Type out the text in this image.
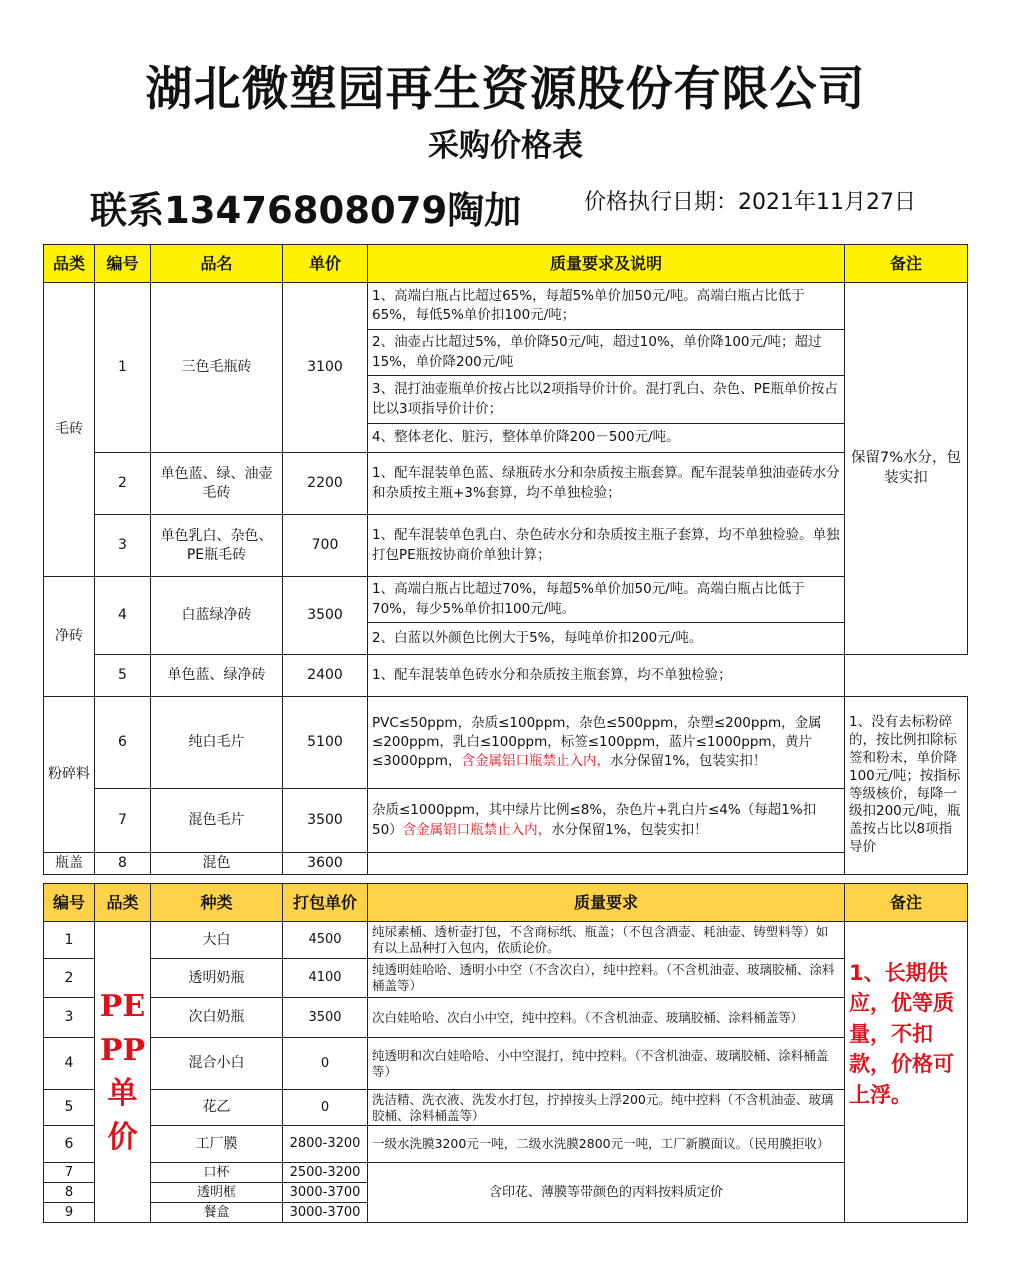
湖北微塑园再生资源股份有限公司
采购价格表
联系13476808079陶加	价格执行日期：2021年11月27日
品类	编号	品名	单价	质量要求及说明	备注
毛砖	1	三色毛瓶砖	3100	1、高端白瓶占比超过65%，每超5%单价加50元/吨。高端白瓶占比低于65%，每低5%单价扣100元/吨；	保留7%水分，包装实扣
				2、油壶占比超过5%，单价降50元/吨，超过10%，单价降100元/吨；超过15%，单价降200元/吨	
				3、混打油壶瓶单价按占比以2项指导价计价。混打乳白、杂色、PE瓶单价按占比以3项指导价计价；	
				4、整体老化、脏污，整体单价降200－500元/吨。	
	2	单色蓝、绿、油壶毛砖	2200	1、配车混装单色蓝、绿瓶砖水分和杂质按主瓶套算。配车混装单独油壶砖水分和杂质按主瓶+3%套算，均不单独检验；	
	3	单色乳白、杂色、PE瓶毛砖	700	1、配车混装单色乳白、杂色砖水分和杂质按主瓶子套算，均不单独检验。单独打包PE瓶按协商价单独计算；	
净砖	4	白蓝绿净砖	3500	1、高端白瓶占比超过70%，每超5%单价加50元/吨。高端白瓶占比低于70%，每少5%单价扣100元/吨。	
				2、白蓝以外颜色比例大于5%，每吨单价扣200元/吨。	
	5	单色蓝、绿净砖	2400	1、配车混装单色砖水分和杂质按主瓶套算，均不单独检验；	
粉碎料	6	纯白毛片	5100	PVC≤50ppm，杂质≤100ppm，杂色≤500ppm，杂塑≤200ppm，金属≤200ppm，乳白≤100ppm，标签≤100ppm，蓝片≤1000ppm，黄片≤3000ppm，含金属铝口瓶禁止入内，水分保留1%，包装实扣！	1、没有去标粉碎的，按比例扣除标签和粉末，单价降100元/吨；按指标等级核价，每降一级扣200元/吨，瓶盖按占比以8项指导价
	7	混色毛片	3500	杂质≤1000ppm，其中绿片比例≤8%，杂色片+乳白片≤4%（每超1%扣50）含金属铝口瓶禁止入内，水分保留1%，包装实扣！	
瓶盖	8	混色	3600		
编号	品类	种类	打包单价	质量要求	备注
1	PE PP 单价	大白	4500	纯尿素桶、透析壶打包，不含商标纸、瓶盖；（不包含酒壶、耗油壶、铸塑料等）如有以上品种打入包内，依质论价。	1、长期供应，优等质量，不扣款，价格可上浮。
2		透明奶瓶	4100	纯透明娃哈哈、透明小中空（不含次白），纯中控料。（不含机油壶、玻璃胶桶、涂料桶盖等）	
3		次白奶瓶	3500	次白娃哈哈、次白小中空，纯中控料。（不含机油壶、玻璃胶桶、涂料桶盖等）	
4		混合小白	0	纯透明和次白娃哈哈、小中空混打，纯中控料。（不含机油壶、玻璃胶桶、涂料桶盖等）	
5		花乙	0	洗洁精、洗衣液、洗发水打包，拧掉按头上浮200元。纯中控料（不含机油壶、玻璃胶桶、涂料桶盖等）	
6		工厂膜	2800-3200	一级水洗膜3200元一吨，二级水洗膜2800元一吨，工厂新膜面议。（民用膜拒收）	
7		口杯	2500-3200	含印花、薄膜等带颜色的丙料按料质定价	
8		透明框	3000-3700		
9		餐盒	3000-3700		
